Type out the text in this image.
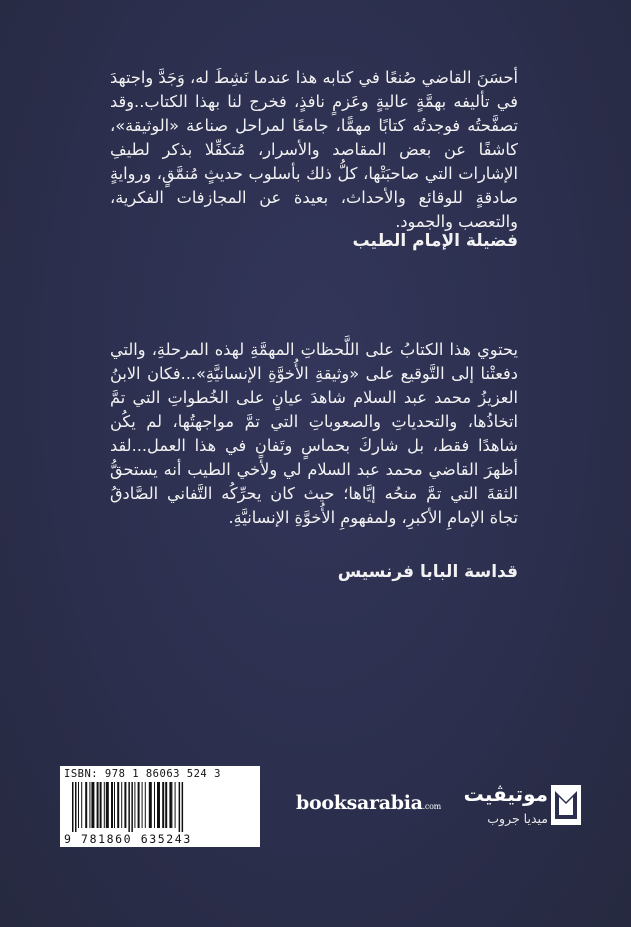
أحسَنَ القاضي صُنعًا في كتابه هذا عندما نَشِطَ له، وَجَدَّ واجتهدَ في تأليفه بهمَّةٍ عاليةٍ وعَزمٍ نافذٍ، فخرج لنا بهذا الكتاب..وقد تصفَّحتُه فوجدتُه كتابًا مهمًّا، جامعًا لمراحل صناعة «الوثيقة»، كاشفًا عن بعض المقاصد والأسرار، مُتكفِّلا بذكر لطيفِ الإشارات التي صاحبَتْها، كلُّ ذلك بأسلوب حديثٍ مُنمَّقٍ، وروايةٍ صادقةٍ للوقائع والأحداث، بعيدة عن المجازفات الفكرية، والتعصب والجمود.

فضيلة الإمام الطيب

يحتوي هذا الكتابُ على اللَّحظاتِ المهمَّةِ لهذه المرحلةِ، والتي دفعتْنا إلى التَّوقيع على «وثيقةِ الأُخوَّةِ الإنسانيَّةِ»...فكان الابنُ العزيزُ محمد عبد السلام شاهدَ عيانٍ على الخُطواتِ التي تمَّ اتخاذُها، والتحدياتِ والصعوباتِ التي تمَّ مواجهتُها، لم يكُن شاهدًا فقط، بل شاركَ بحماسٍ وتَفانٍ في هذا العمل...لقد أظهرَ القاضي محمد عبد السلام لي ولأخي الطيب أنه يستحقُّ الثقةَ التي تمَّ منحُه إيَّاها؛ حيث كان يحرِّكُه التَّفاني الصَّادقُ تجاهَ الإمامِ الأكبرِ، ولمفهومِ الأُخوَّةِ الإنسانيَّةِ.

قداسة البابا فرنسيس

ISBN: 978 1 86063 524 3
9 781860 635243
booksarabia.com
موتيڤيت
ميديا جروب
